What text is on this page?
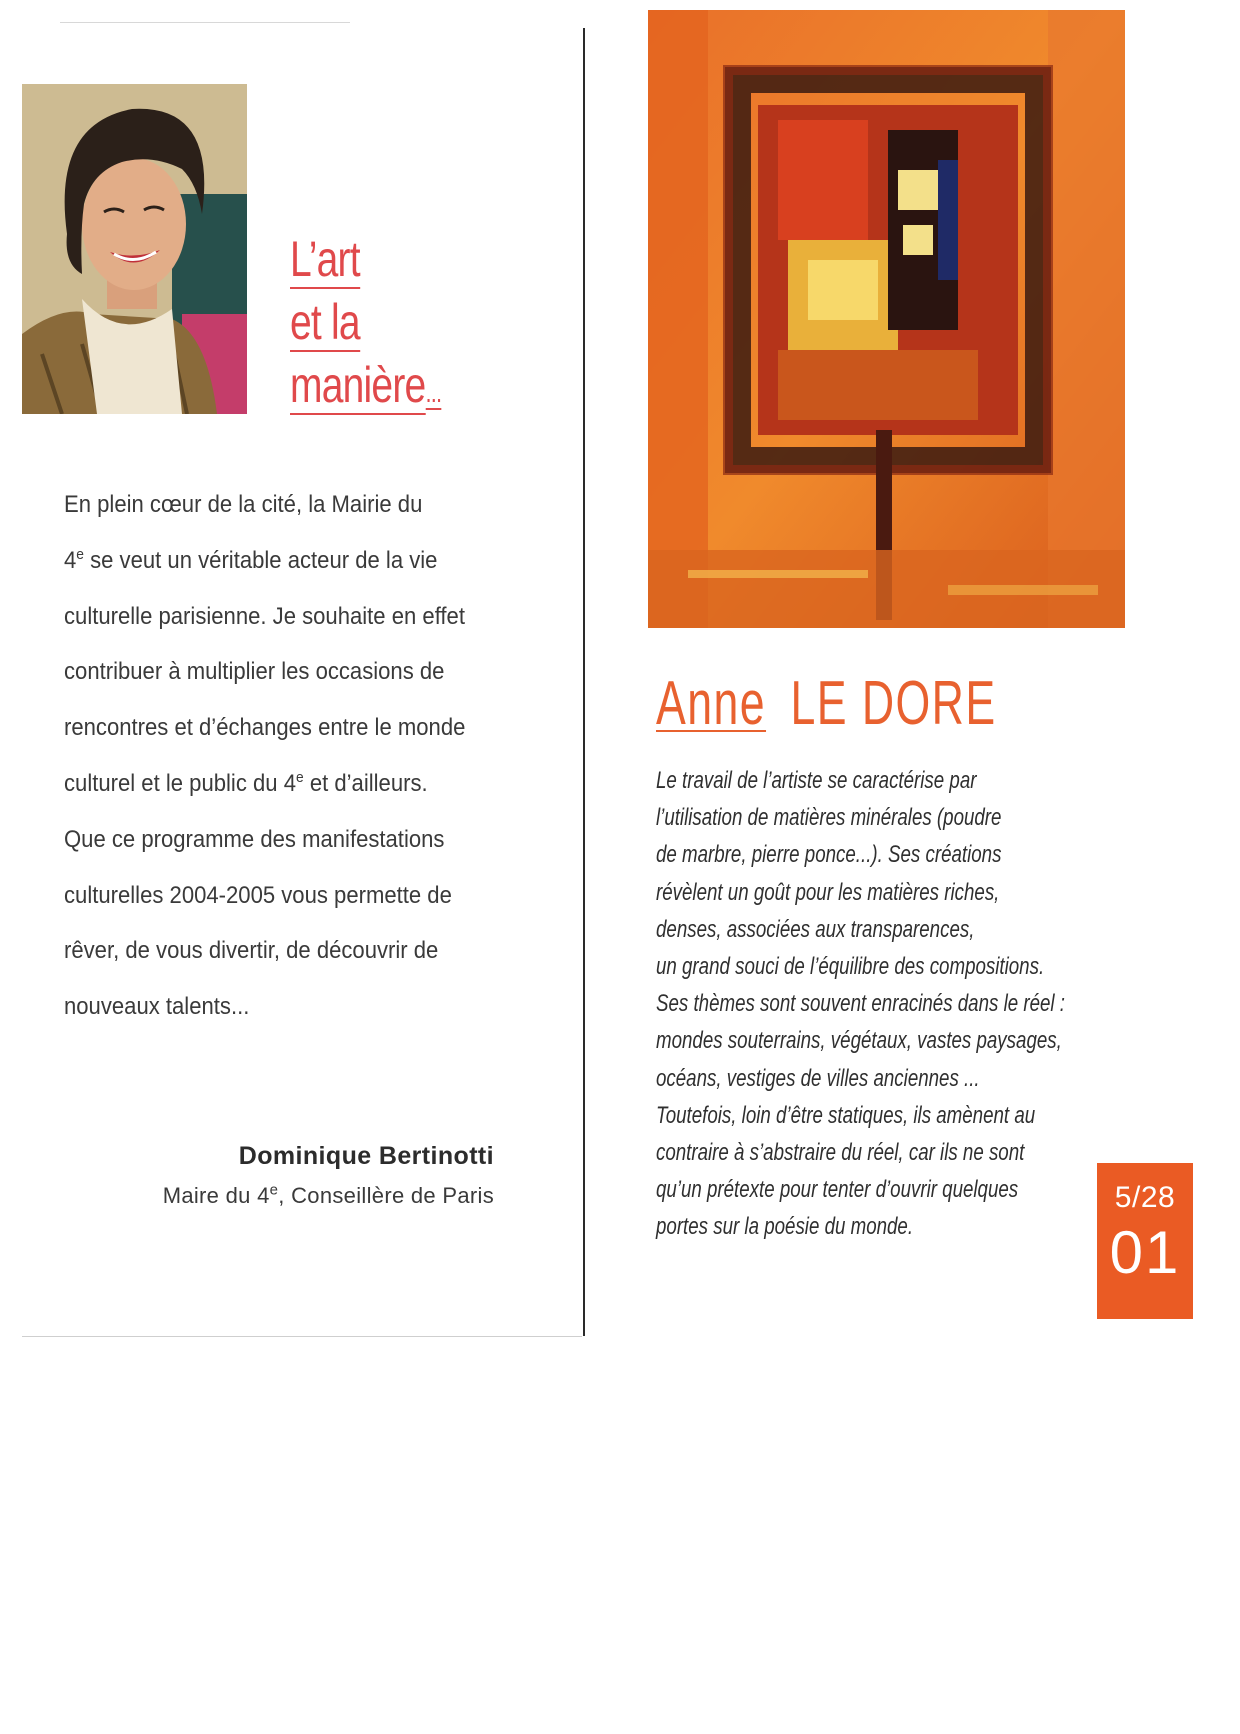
L’art
et la
manière...

En plein cœur de la cité, la Mairie du

4e se veut un véritable acteur de la vie

culturelle parisienne. Je souhaite en effet

contribuer à multiplier les occasions de

rencontres et d’échanges entre le monde

culturel et le public du 4e et d’ailleurs.

Que ce programme des manifestations

culturelles 2004-2005 vous permette de

rêver, de vous divertir, de découvrir de

nouveaux talents...

Dominique Bertinotti
Maire du 4e, Conseillère de Paris
Anne LE DORE

Le travail de l’artiste se caractérise par

l’utilisation de matières minérales (poudre

de marbre, pierre ponce...). Ses créations

révèlent un goût pour les matières riches,

denses, associées aux transparences,

un grand souci de l’équilibre des compositions.

Ses thèmes sont souvent enracinés dans le réel :

mondes souterrains, végétaux, vastes paysages,

océans, vestiges de villes anciennes ...

Toutefois, loin d’être statiques, ils amènent au

contraire à s’abstraire du réel, car ils ne sont

qu’un prétexte pour tenter d’ouvrir quelques

portes sur la poésie du monde.

5/28
01
